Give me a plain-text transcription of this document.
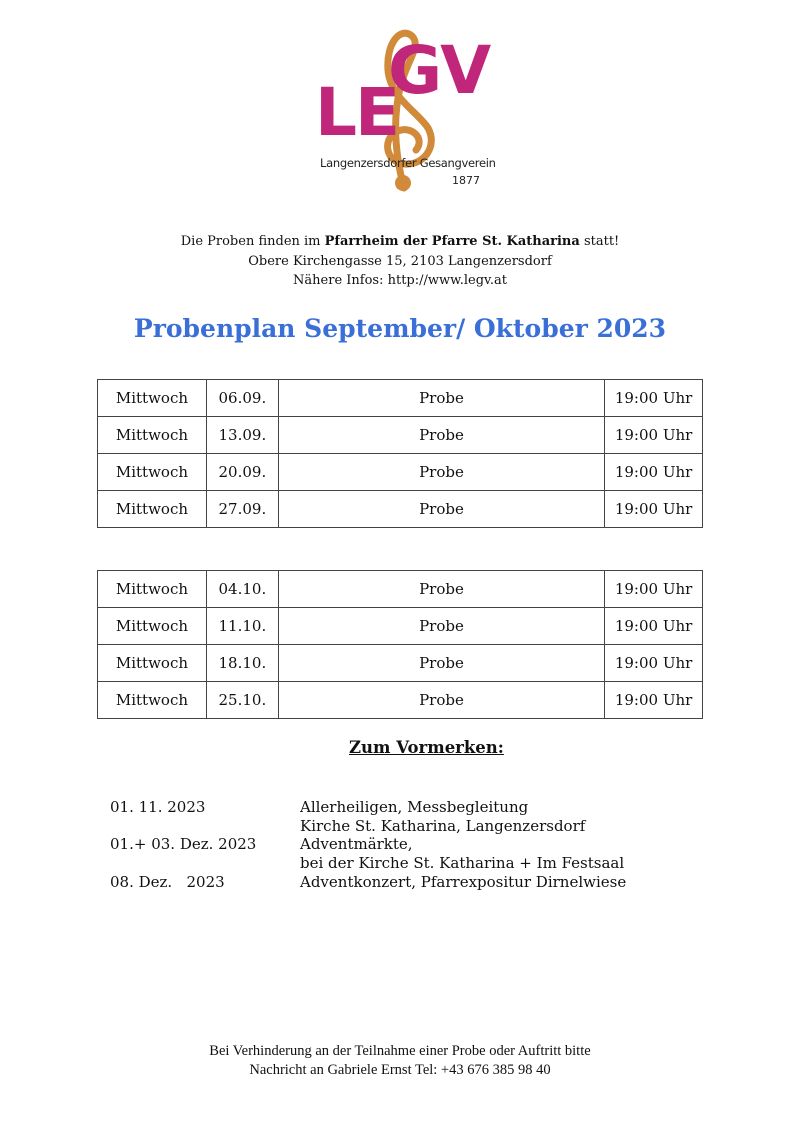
LE
GV
Langenzersdorfer Gesangverein
1877
Die Proben finden im Pfarrheim der Pfarre St. Katharina statt!
Obere Kirchengasse 15, 2103 Langenzersdorf
Nähere Infos: http://www.legv.at
Probenplan September/ Oktober 2023
Mittwoch	06.09.	Probe	19:00 Uhr
Mittwoch	13.09.	Probe	19:00 Uhr
Mittwoch	20.09.	Probe	19:00 Uhr
Mittwoch	27.09.	Probe	19:00 Uhr
Mittwoch	04.10.	Probe	19:00 Uhr
Mittwoch	11.10.	Probe	19:00 Uhr
Mittwoch	18.10.	Probe	19:00 Uhr
Mittwoch	25.10.	Probe	19:00 Uhr
Zum Vormerken:
01. 11. 2023	Allerheiligen, Messbegleitung
Kirche St. Katharina, Langenzersdorf
01.+ 03. Dez. 2023	Adventmärkte,
bei der Kirche St. Katharina + Im Festsaal
08. Dez.   2023	Adventkonzert, Pfarrexpositur Dirnelwiese
Bei Verhinderung an der Teilnahme einer Probe oder Auftritt bitte
Nachricht an Gabriele Ernst Tel: +43 676 385 98 40
